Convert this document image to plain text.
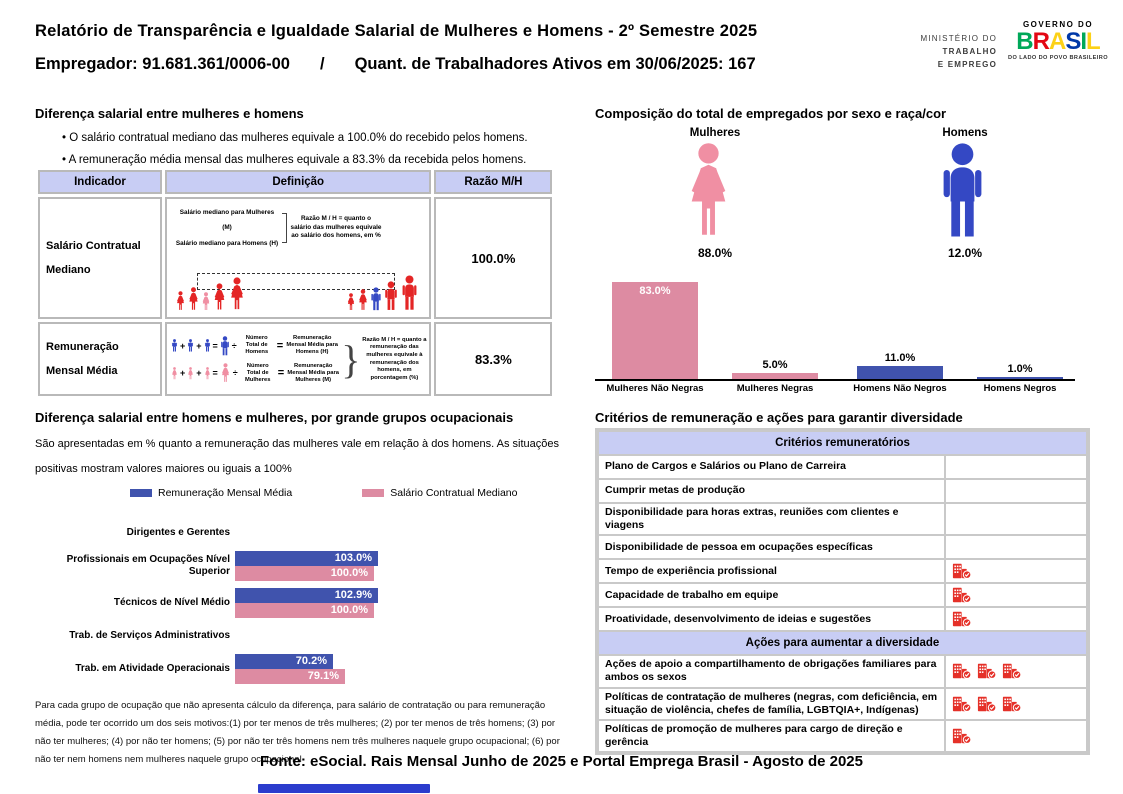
Relatório de Transparência e Igualdade Salarial de Mulheres e Homens - 2º Semestre 2025
Empregador: 91.681.361/0006-00 / Quant. de Trabalhadores Ativos em 30/06/2025: 167
MINISTÉRIO DO
TRABALHO
E EMPREGO
GOVERNO DO
BRASIL
DO LADO DO POVO BRASILEIRO
Diferença salarial entre mulheres e homens
• O salário contratual mediano das mulheres equivale a 100.0% do recebido pelos homens.
• A remuneração média mensal das mulheres equivale a 83.3% da recebida pelos homens.
Indicador	Definição	Razão M/H
Salário Contratual Mediano	Salário mediano para Mulheres (M)
Salário mediano para Homens (H)
Razão M / H = quanto o salário das mulheres equivale ao salário dos homens, em %	100.0%
Remuneração Mensal Média	
+ + = ÷
Número Total de Homens
=
Remuneração Mensal Média para Homens (H)
+ + = ÷
Número Total de Mulheres
=
Remuneração Mensal Média para Mulheres (M) } Razão M / H = quanto a remuneração das mulheres equivale à remuneração dos homens, em porcentagem (%)
	83.3%
Composição do total de empregados por sexo e raça/cor
Mulheres	Homens
88.0%	12.0%
83.0%
Mulheres Não Negras
5.0%
Mulheres Negras
11.0%
Homens Não Negros
1.0%
Homens Negros
Diferença salarial entre homens e mulheres, por grande grupos ocupacionais
São apresentadas em % quanto a remuneração das mulheres vale em relação à dos homens. As situações positivas mostram valores maiores ou iguais a 100%
Remuneração Mensal Média	Salário Contratual Mediano
Dirigentes e Gerentes
Profissionais em Ocupações Nível Superior
103.0%
100.0%
Técnicos de Nível Médio
102.9%
100.0%
Trab. de Serviços Administrativos
Trab. em Atividade Operacionais
70.2%
79.1%
Para cada grupo de ocupação que não apresenta cálculo da diferença, para salário de contratação ou para remuneração média, pode ter ocorrido um dos seis motivos:(1) por ter menos de três mulheres; (2) por ter menos de três homens; (3) por não ter mulheres; (4) por não ter homens; (5) por não ter três homens nem três mulheres naquele grupo ocupacional; (6) por não ter nem homens nem mulheres naquele grupo ocupacional
Critérios de remuneração e ações para garantir diversidade
Critérios remuneratórios	
Plano de Cargos e Salários ou Plano de Carreira	

Cumprir metas de produção	

Disponibilidade para horas extras, reuniões com clientes e viagens	

Disponibilidade de pessoa em ocupações específicas	

Tempo de experiência profissional	

Capacidade de trabalho em equipe	

Proatividade, desenvolvimento de ideias e sugestões	

Ações para aumentar a diversidade	
Ações de apoio a compartilhamento de obrigações familiares para ambos os sexos	

Políticas de contratação de mulheres (negras, com deficiência, em situação de violência, chefes de família, LGBTQIA+, Indígenas)	

Políticas de promoção de mulheres para cargo de direção e gerência	
Fonte: eSocial. Rais Mensal Junho de 2025 e Portal Emprega Brasil - Agosto de 2025
